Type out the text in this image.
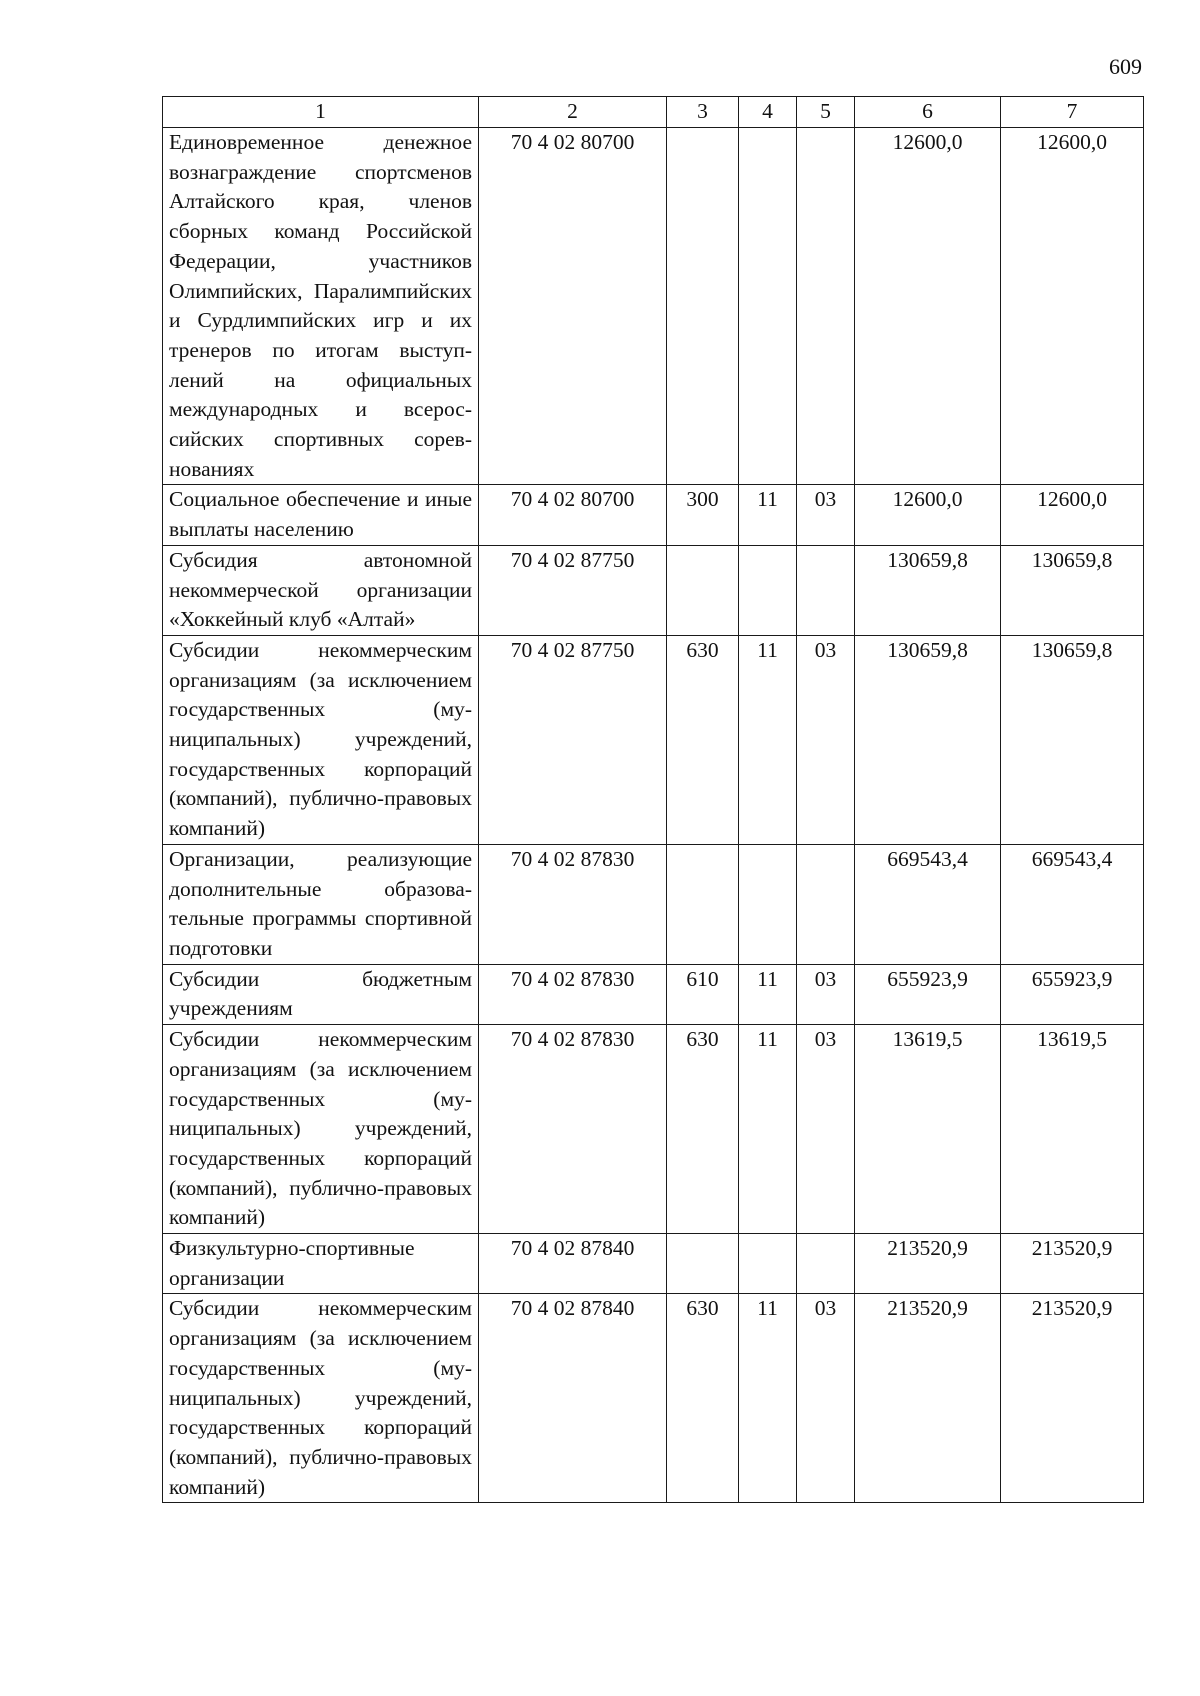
609
1	2	3	4	5	6	7
Единовременное денежное вознаграждение спортсменов Алтайского края, членов сборных команд Российской Федерации, участников Олимпийских, Паралимпийских и Сурдлимпийских игр и их тренеров по итогам выступлений на официальных международных и всероссийских спортивных соревнованиях	70 4 02 80700				12600,0	12600,0
Социальное обеспечение и иные выплаты населению	70 4 02 80700	300	11	03	12600,0	12600,0
Субсидия автономной некоммерческой организации «Хоккейный клуб «Алтай»	70 4 02 87750				130659,8	130659,8
Субсидии некоммерческим организациям (за исключением государственных (муниципальных) учреждений, государственных корпораций (компаний), публично-правовых компаний)	70 4 02 87750	630	11	03	130659,8	130659,8
Организации, реализующие дополнительные образовательные программы спортивной подготовки	70 4 02 87830				669543,4	669543,4
Субсидии бюджетным учреждениям	70 4 02 87830	610	11	03	655923,9	655923,9
Субсидии некоммерческим организациям (за исключением государственных (муниципальных) учреждений, государственных корпораций (компаний), публично-правовых компаний)	70 4 02 87830	630	11	03	13619,5	13619,5
Физкультурно-спортивные организации	70 4 02 87840				213520,9	213520,9
Субсидии некоммерческим организациям (за исключением государственных (муниципальных) учреждений, государственных корпораций (компаний), публично-правовых компаний)	70 4 02 87840	630	11	03	213520,9	213520,9
